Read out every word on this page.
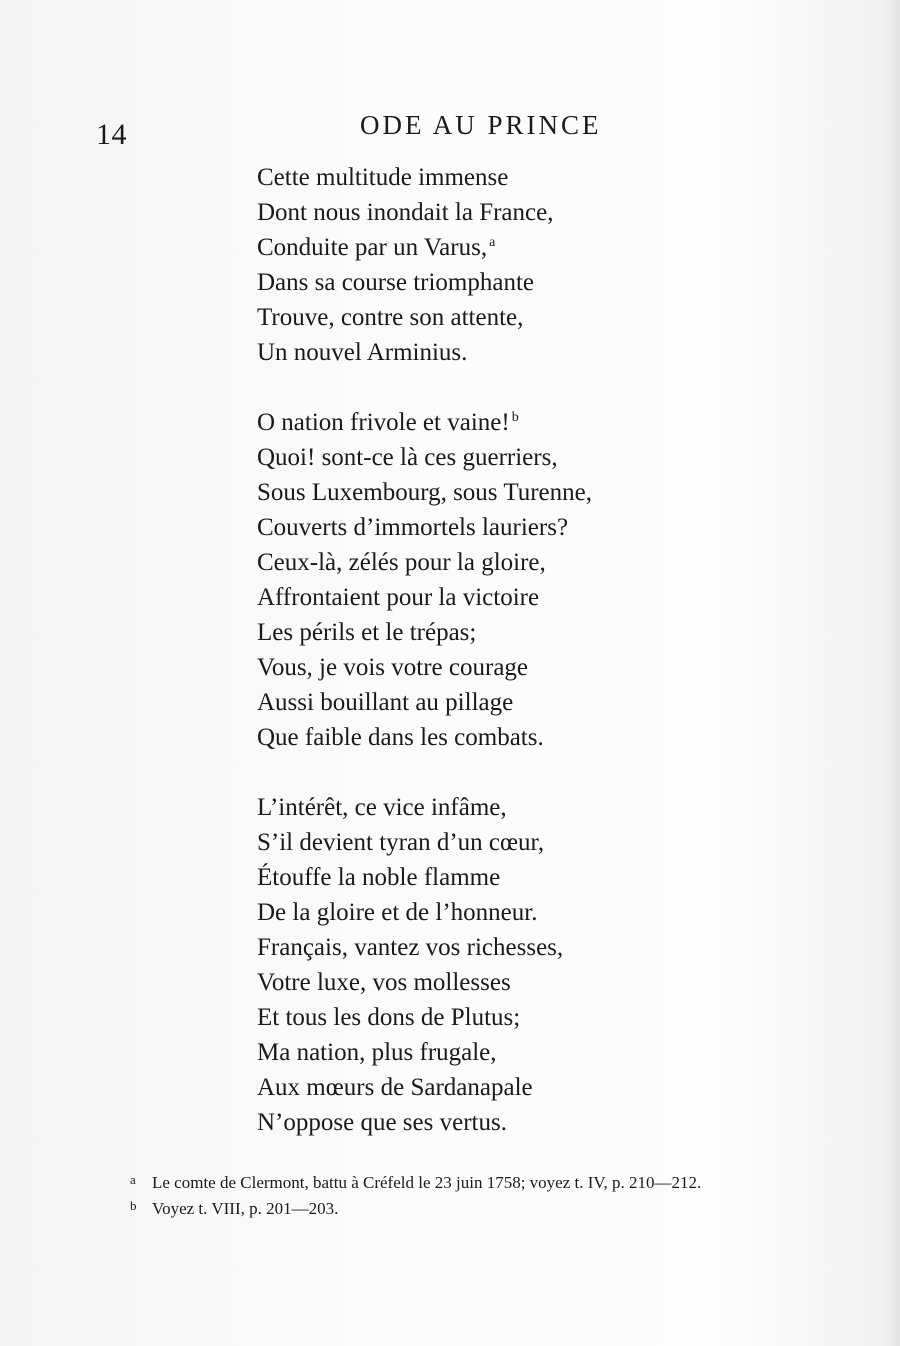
14	ODE AU PRINCE
Cette multitude immense
Dont nous inondait la France,
Conduite par un Varus, $^a$
Dans sa course triomphante
Trouve, contre son attente,
Un nouvel Arminius.
O nation frivole et vaine! $^b$
Quoi! sont-ce là ces guerriers,
Sous Luxembourg, sous Turenne,
Couverts d’immortels lauriers?
Ceux-là, zélés pour la gloire,
Affrontaient pour la victoire
Les périls et le trépas;
Vous, je vois votre courage
Aussi bouillant au pillage
Que faible dans les combats.
L’intérêt, ce vice infâme,
S’il devient tyran d’un cœur,
Étouffe la noble flamme
De la gloire et de l’honneur.
Français, vantez vos richesses,
Votre luxe, vos mollesses
Et tous les dons de Plutus;
Ma nation, plus frugale,
Aux mœurs de Sardanapale
N’oppose que ses vertus.
a Le comte de Clermont, battu à Créfeld le 23 juin 1758; voyez t. IV, p. 210—212.
b Voyez t. VIII, p. 201—203.
